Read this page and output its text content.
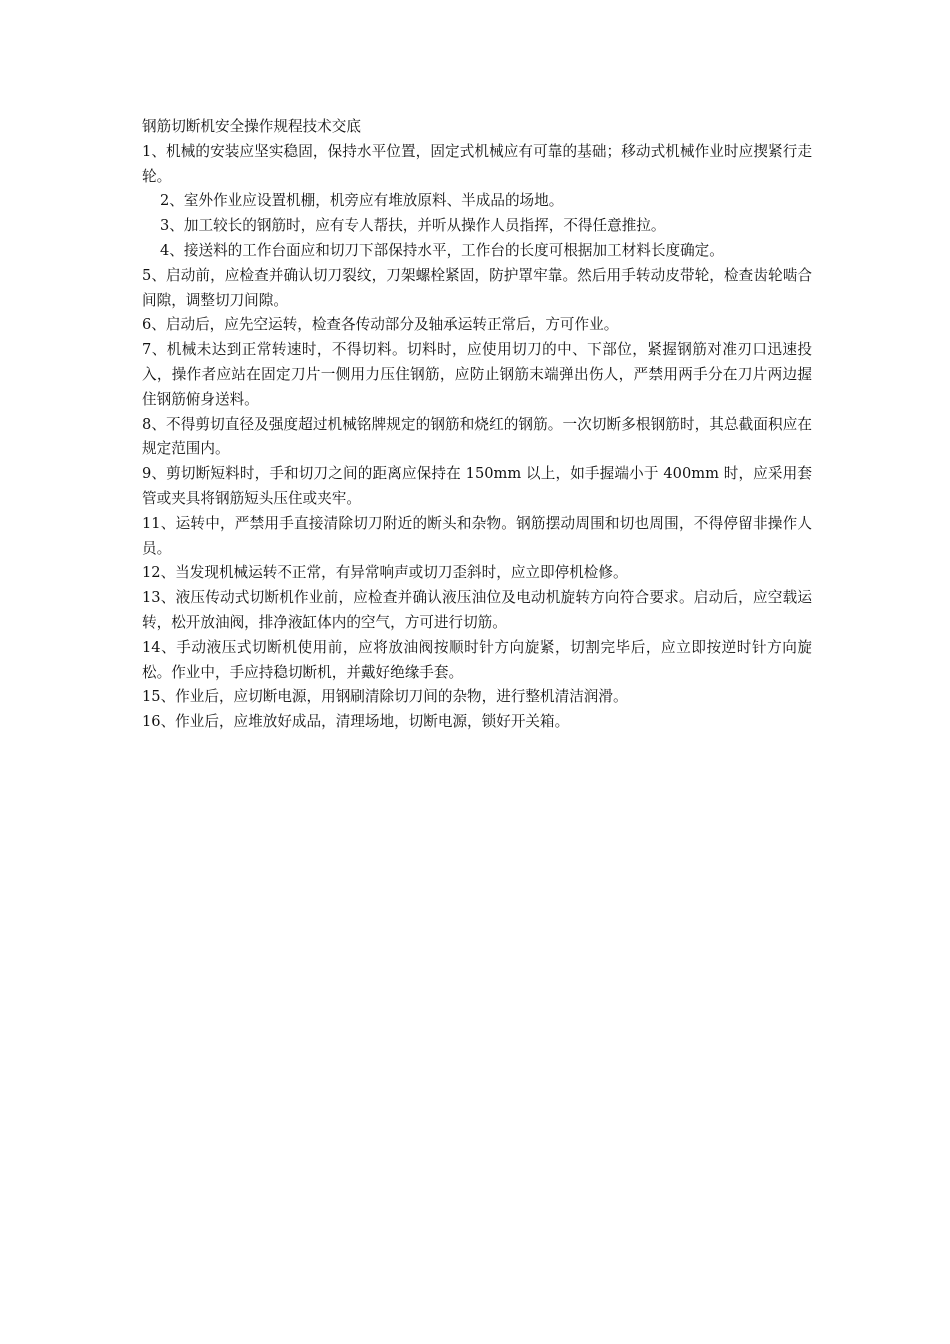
钢筋切断机安全操作规程技术交底

1、机械的安装应坚实稳固，保持水平位置，固定式机械应有可靠的基础；移动式机械作业时应揳紧行走轮。

2、室外作业应设置机棚，机旁应有堆放原料、半成品的场地。

3、加工较长的钢筋时，应有专人帮扶，并听从操作人员指挥，不得任意推拉。

4、接送料的工作台面应和切刀下部保持水平，工作台的长度可根据加工材料长度确定。

5、启动前，应检查并确认切刀裂纹，刀架螺栓紧固，防护罩牢靠。然后用手转动皮带轮，检查齿轮啮合间隙，调整切刀间隙。

6、启动后，应先空运转，检查各传动部分及轴承运转正常后，方可作业。

7、机械未达到正常转速时，不得切料。切料时，应使用切刀的中、下部位，紧握钢筋对准刃口迅速投入，操作者应站在固定刀片一侧用力压住钢筋，应防止钢筋末端弹出伤人，严禁用两手分在刀片两边握住钢筋俯身送料。

8、不得剪切直径及强度超过机械铭牌规定的钢筋和烧红的钢筋。一次切断多根钢筋时，其总截面积应在规定范围内。

9、剪切断短料时，手和切刀之间的距离应保持在 150mm 以上，如手握端小于 400mm 时，应采用套管或夹具将钢筋短头压住或夹牢。

11、运转中，严禁用手直接清除切刀附近的断头和杂物。钢筋摆动周围和切也周围，不得停留非操作人员。

12、当发现机械运转不正常，有异常响声或切刀歪斜时，应立即停机检修。

13、液压传动式切断机作业前，应检查并确认液压油位及电动机旋转方向符合要求。启动后，应空载运转，松开放油阀，排净液缸体内的空气，方可进行切筋。

14、手动液压式切断机使用前，应将放油阀按顺时针方向旋紧，切割完毕后，应立即按逆时针方向旋松。作业中，手应持稳切断机，并戴好绝缘手套。

15、作业后，应切断电源，用钢刷清除切刀间的杂物，进行整机清洁润滑。

16、作业后，应堆放好成品，清理场地，切断电源，锁好开关箱。
